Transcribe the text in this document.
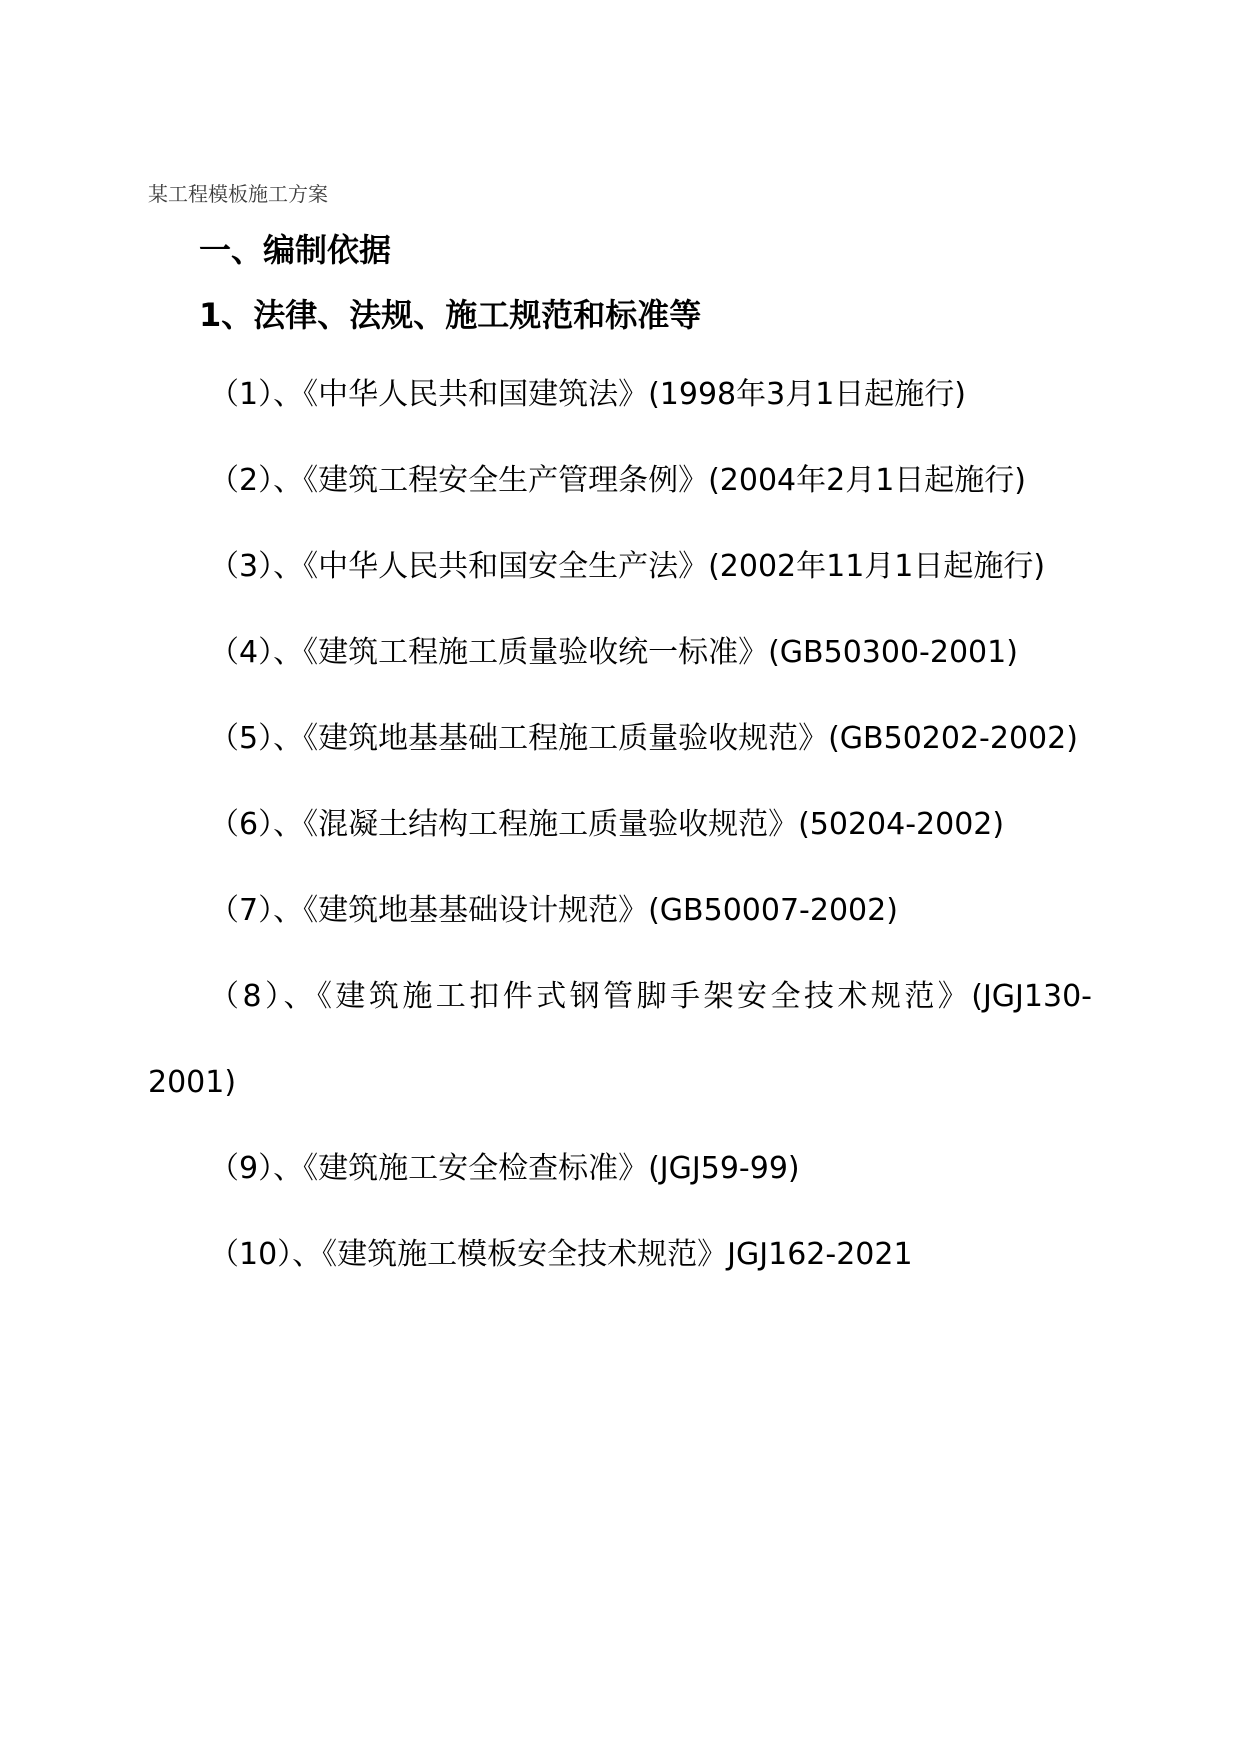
某工程模板施工方案
一、编制依据
1、法律、法规、施工规范和标准等

（1）、《中华人民共和国建筑法》(1998年3月1日起施行)

（2）、《建筑工程安全生产管理条例》(2004年2月1日起施行)

（3）、《中华人民共和国安全生产法》(2002年11月1日起施行)

（4）、《建筑工程施工质量验收统一标准》(GB50300-2001)

（5）、《建筑地基基础工程施工质量验收规范》(GB50202-2002)

（6）、《混凝土结构工程施工质量验收规范》(50204-2002)

（7）、《建筑地基基础设计规范》(GB50007-2002)

（8）、《建筑施工扣件式钢管脚手架安全技术规范》(JGJ130-2001)

（9）、《建筑施工安全检查标准》(JGJ59-99)

（10）、《建筑施工模板安全技术规范》JGJ162-2021
